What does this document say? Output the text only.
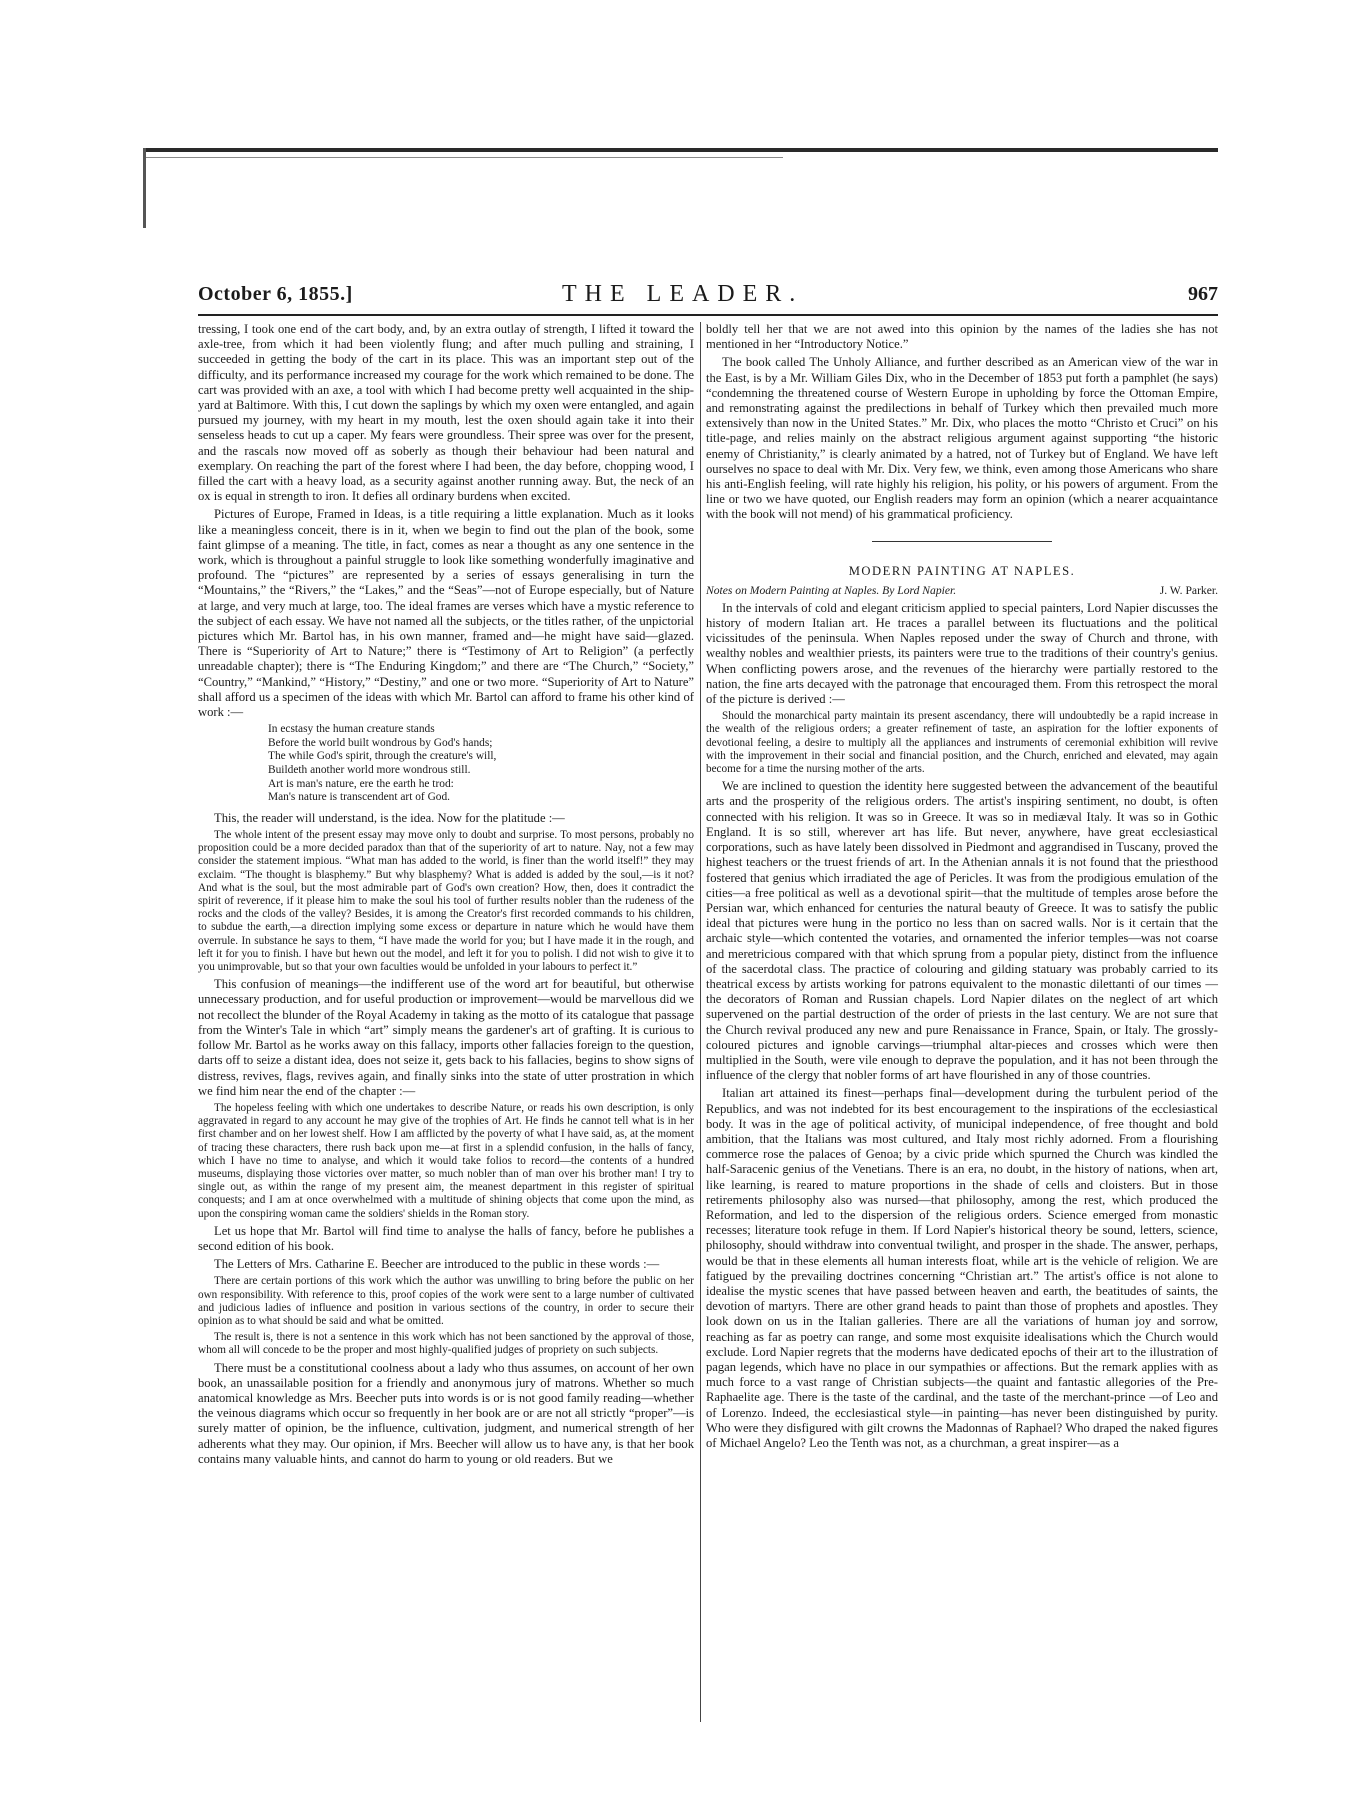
October 6, 1855.]	THE LEADER.	967

tressing, I took one end of the cart body, and, by an extra outlay of strength, I lifted it toward the axle-tree, from which it had been violently flung; and after much pulling and straining, I succeeded in getting the body of the cart in its place. This was an important step out of the difficulty, and its performance increased my courage for the work which remained to be done. The cart was provided with an axe, a tool with which I had become pretty well acquainted in the ship-yard at Baltimore. With this, I cut down the saplings by which my oxen were entangled, and again pursued my journey, with my heart in my mouth, lest the oxen should again take it into their senseless heads to cut up a caper. My fears were groundless. Their spree was over for the present, and the rascals now moved off as soberly as though their behaviour had been natural and exemplary. On reaching the part of the forest where I had been, the day before, chopping wood, I filled the cart with a heavy load, as a security against another running away. But, the neck of an ox is equal in strength to iron. It defies all ordinary burdens when excited.

Pictures of Europe, Framed in Ideas, is a title requiring a little explanation. Much as it looks like a meaningless conceit, there is in it, when we begin to find out the plan of the book, some faint glimpse of a meaning. The title, in fact, comes as near a thought as any one sentence in the work, which is throughout a painful struggle to look like something wonderfully imaginative and profound. The “pictures” are represented by a series of essays generalising in turn the “Mountains,” the “Rivers,” the “Lakes,” and the “Seas”—not of Europe especially, but of Nature at large, and very much at large, too. The ideal frames are verses which have a mystic reference to the subject of each essay. We have not named all the subjects, or the titles rather, of the unpictorial pictures which Mr. Bartol has, in his own manner, framed and—he might have said—glazed. There is “Superiority of Art to Nature;” there is “Testimony of Art to Religion” (a perfectly unreadable chapter); there is “The Enduring Kingdom;” and there are “The Church,” “Society,” “Country,” “Mankind,” “History,” “Destiny,” and one or two more. “Superiority of Art to Nature” shall afford us a specimen of the ideas with which Mr. Bartol can afford to frame his other kind of work :—

In ecstasy the human creature stands
Before the world built wondrous by God's hands;
The while God's spirit, through the creature's will,
Buildeth another world more wondrous still.
Art is man's nature, ere the earth he trod:
Man's nature is transcendent art of God.

This, the reader will understand, is the idea. Now for the platitude :—

The whole intent of the present essay may move only to doubt and surprise. To most persons, probably no proposition could be a more decided paradox than that of the superiority of art to nature. Nay, not a few may consider the statement impious. “What man has added to the world, is finer than the world itself!” they may exclaim. “The thought is blasphemy.” But why blasphemy? What is added is added by the soul,—is it not? And what is the soul, but the most admirable part of God's own creation? How, then, does it contradict the spirit of reverence, if it please him to make the soul his tool of further results nobler than the rudeness of the rocks and the clods of the valley? Besides, it is among the Creator's first recorded commands to his children, to subdue the earth,—a direction implying some excess or departure in nature which he would have them overrule. In substance he says to them, “I have made the world for you; but I have made it in the rough, and left it for you to finish. I have but hewn out the model, and left it for you to polish. I did not wish to give it to you unimprovable, but so that your own faculties would be unfolded in your labours to perfect it.”

This confusion of meanings—the indifferent use of the word art for beautiful, but otherwise unnecessary production, and for useful production or improvement—would be marvellous did we not recollect the blunder of the Royal Academy in taking as the motto of its catalogue that passage from the Winter's Tale in which “art” simply means the gardener's art of grafting. It is curious to follow Mr. Bartol as he works away on this fallacy, imports other fallacies foreign to the question, darts off to seize a distant idea, does not seize it, gets back to his fallacies, begins to show signs of distress, revives, flags, revives again, and finally sinks into the state of utter prostration in which we find him near the end of the chapter :—

The hopeless feeling with which one undertakes to describe Nature, or reads his own description, is only aggravated in regard to any account he may give of the trophies of Art. He finds he cannot tell what is in her first chamber and on her lowest shelf. How I am afflicted by the poverty of what I have said, as, at the moment of tracing these characters, there rush back upon me—at first in a splendid confusion, in the halls of fancy, which I have no time to analyse, and which it would take folios to record—the contents of a hundred museums, displaying those victories over matter, so much nobler than of man over his brother man! I try to single out, as within the range of my present aim, the meanest department in this register of spiritual conquests; and I am at once overwhelmed with a multitude of shining objects that come upon the mind, as upon the conspiring woman came the soldiers' shields in the Roman story.

Let us hope that Mr. Bartol will find time to analyse the halls of fancy, before he publishes a second edition of his book.

The Letters of Mrs. Catharine E. Beecher are introduced to the public in these words :—

There are certain portions of this work which the author was unwilling to bring before the public on her own responsibility. With reference to this, proof copies of the work were sent to a large number of cultivated and judicious ladies of influence and position in various sections of the country, in order to secure their opinion as to what should be said and what be omitted.

The result is, there is not a sentence in this work which has not been sanctioned by the approval of those, whom all will concede to be the proper and most highly-qualified judges of propriety on such subjects.

There must be a constitutional coolness about a lady who thus assumes, on account of her own book, an unassailable position for a friendly and anonymous jury of matrons. Whether so much anatomical knowledge as Mrs. Beecher puts into words is or is not good family reading—whether the veinous diagrams which occur so frequently in her book are or are not all strictly “proper”—is surely matter of opinion, be the influence, cultivation, judgment, and numerical strength of her adherents what they may. Our opinion, if Mrs. Beecher will allow us to have any, is that her book contains many valuable hints, and cannot do harm to young or old readers. But we

boldly tell her that we are not awed into this opinion by the names of the ladies she has not mentioned in her “Introductory Notice.”

The book called The Unholy Alliance, and further described as an American view of the war in the East, is by a Mr. William Giles Dix, who in the December of 1853 put forth a pamphlet (he says) “condemning the threatened course of Western Europe in upholding by force the Ottoman Empire, and remonstrating against the predilections in behalf of Turkey which then prevailed much more extensively than now in the United States.” Mr. Dix, who places the motto “Christo et Cruci” on his title-page, and relies mainly on the abstract religious argument against supporting “the historic enemy of Christianity,” is clearly animated by a hatred, not of Turkey but of England. We have left ourselves no space to deal with Mr. Dix. Very few, we think, even among those Americans who share his anti-English feeling, will rate highly his religion, his polity, or his powers of argument. From the line or two we have quoted, our English readers may form an opinion (which a nearer acquaintance with the book will not mend) of his grammatical proficiency.

MODERN PAINTING AT NAPLES.
Notes on Modern Painting at Naples. By Lord Napier.	J. W. Parker.

In the intervals of cold and elegant criticism applied to special painters, Lord Napier discusses the history of modern Italian art. He traces a parallel between its fluctuations and the political vicissitudes of the peninsula. When Naples reposed under the sway of Church and throne, with wealthy nobles and wealthier priests, its painters were true to the traditions of their country's genius. When conflicting powers arose, and the revenues of the hierarchy were partially restored to the nation, the fine arts decayed with the patronage that encouraged them. From this retrospect the moral of the picture is derived :—

Should the monarchical party maintain its present ascendancy, there will undoubtedly be a rapid increase in the wealth of the religious orders; a greater refinement of taste, an aspiration for the loftier exponents of devotional feeling, a desire to multiply all the appliances and instruments of ceremonial exhibition will revive with the improvement in their social and financial position, and the Church, enriched and elevated, may again become for a time the nursing mother of the arts.

We are inclined to question the identity here suggested between the advancement of the beautiful arts and the prosperity of the religious orders. The artist's inspiring sentiment, no doubt, is often connected with his religion. It was so in Greece. It was so in mediæval Italy. It was so in Gothic England. It is so still, wherever art has life. But never, anywhere, have great ecclesiastical corporations, such as have lately been dissolved in Piedmont and aggrandised in Tuscany, proved the highest teachers or the truest friends of art. In the Athenian annals it is not found that the priesthood fostered that genius which irradiated the age of Pericles. It was from the prodigious emulation of the cities—a free political as well as a devotional spirit—that the multitude of temples arose before the Persian war, which enhanced for centuries the natural beauty of Greece. It was to satisfy the public ideal that pictures were hung in the portico no less than on sacred walls. Nor is it certain that the archaic style—which contented the votaries, and ornamented the inferior temples—was not coarse and meretricious compared with that which sprung from a popular piety, distinct from the influence of the sacerdotal class. The practice of colouring and gilding statuary was probably carried to its theatrical excess by artists working for patrons equivalent to the monastic dilettanti of our times —the decorators of Roman and Russian chapels. Lord Napier dilates on the neglect of art which supervened on the partial destruction of the order of priests in the last century. We are not sure that the Church revival produced any new and pure Renaissance in France, Spain, or Italy. The grossly-coloured pictures and ignoble carvings—triumphal altar-pieces and crosses which were then multiplied in the South, were vile enough to deprave the population, and it has not been through the influence of the clergy that nobler forms of art have flourished in any of those countries.

Italian art attained its finest—perhaps final—development during the turbulent period of the Republics, and was not indebted for its best encouragement to the inspirations of the ecclesiastical body. It was in the age of political activity, of municipal independence, of free thought and bold ambition, that the Italians was most cultured, and Italy most richly adorned. From a flourishing commerce rose the palaces of Genoa; by a civic pride which spurned the Church was kindled the half-Saracenic genius of the Venetians. There is an era, no doubt, in the history of nations, when art, like learning, is reared to mature proportions in the shade of cells and cloisters. But in those retirements philosophy also was nursed—that philosophy, among the rest, which produced the Reformation, and led to the dispersion of the religious orders. Science emerged from monastic recesses; literature took refuge in them. If Lord Napier's historical theory be sound, letters, science, philosophy, should withdraw into conventual twilight, and prosper in the shade. The answer, perhaps, would be that in these elements all human interests float, while art is the vehicle of religion. We are fatigued by the prevailing doctrines concerning “Christian art.” The artist's office is not alone to idealise the mystic scenes that have passed between heaven and earth, the beatitudes of saints, the devotion of martyrs. There are other grand heads to paint than those of prophets and apostles. They look down on us in the Italian galleries. There are all the variations of human joy and sorrow, reaching as far as poetry can range, and some most exquisite idealisations which the Church would exclude. Lord Napier regrets that the moderns have dedicated epochs of their art to the illustration of pagan legends, which have no place in our sympathies or affections. But the remark applies with as much force to a vast range of Christian subjects—the quaint and fantastic allegories of the Pre-Raphaelite age. There is the taste of the cardinal, and the taste of the merchant-prince —of Leo and of Lorenzo. Indeed, the ecclesiastical style—in painting—has never been distinguished by purity. Who were they disfigured with gilt crowns the Madonnas of Raphael? Who draped the naked figures of Michael Angelo? Leo the Tenth was not, as a churchman, a great inspirer—as a
